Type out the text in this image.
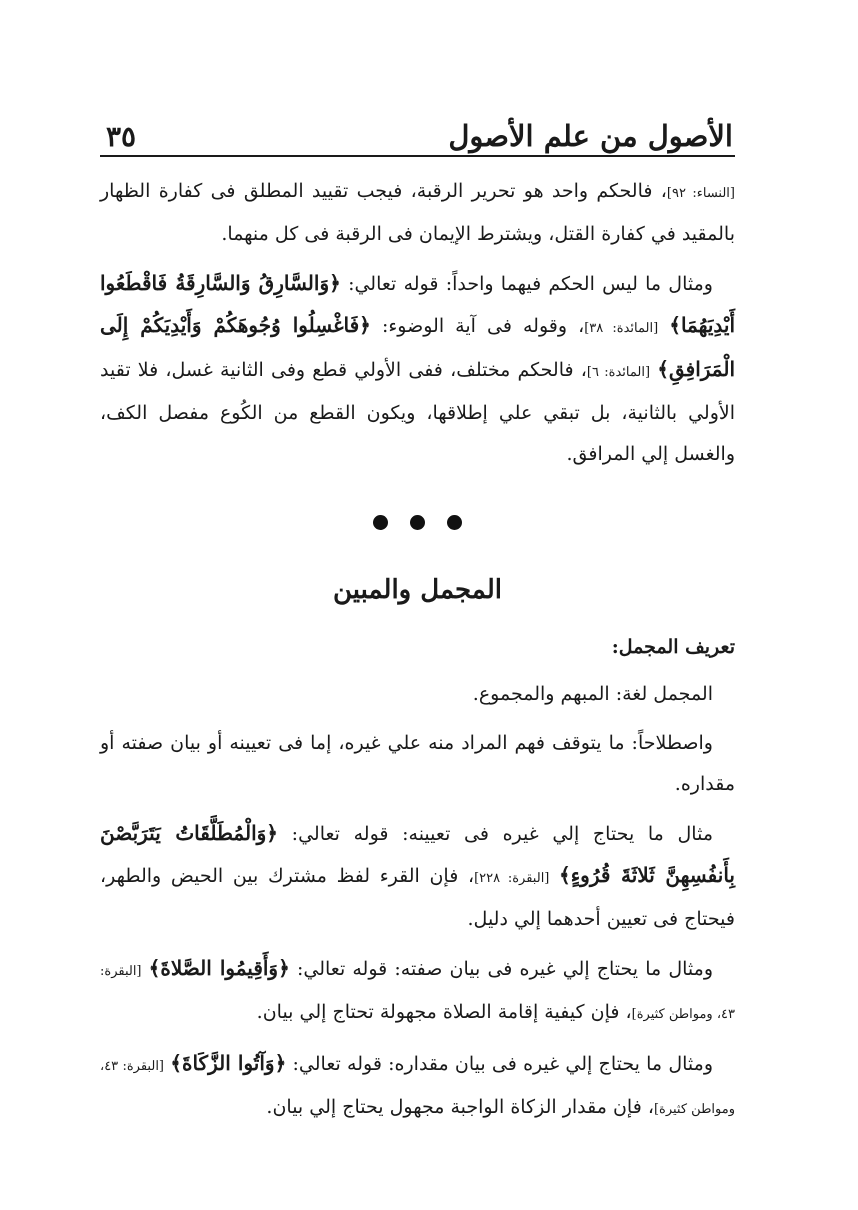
الأصول من علم الأصول
٣٥

[النساء: ٩٢]، فالحكم واحد هو تحرير الرقبة، فيجب تقييد المطلق فى كفارة الظهار بالمقيد في كفارة القتل، ويشترط الإيمان فى الرقبة فى كل منهما.

ومثال ما ليس الحكم فيهما واحداً: قوله تعالي: ﴿وَالسَّارِقُ وَالسَّارِقَةُ فَاقْطَعُوا أَيْدِيَهُمَا﴾ [المائدة: ٣٨]، وقوله فى آية الوضوء: ﴿فَاغْسِلُوا وُجُوهَكُمْ وَأَيْدِيَكُمْ إِلَى الْمَرَافِقِ﴾ [المائدة: ٦]، فالحكم مختلف، ففى الأولي قطع وفى الثانية غسل، فلا تقيد الأولي بالثانية، بل تبقي علي إطلاقها، ويكون القطع من الكُوع مفصل الكف، والغسل إلي المرافق.

المجمل والمبين
تعريف المجمل:

المجمل لغة: المبهم والمجموع.

واصطلاحاً: ما يتوقف فهم المراد منه علي غيره، إما فى تعيينه أو بيان صفته أو مقداره.

مثال ما يحتاج إلي غيره فى تعيينه: قوله تعالي: ﴿وَالْمُطَلَّقَاتُ يَتَرَبَّصْنَ بِأَنفُسِهِنَّ ثَلاثَةَ قُرُوءٍ﴾ [البقرة: ٢٢٨]، فإن القرء لفظ مشترك بين الحيض والطهر، فيحتاج فى تعيين أحدهما إلي دليل.

ومثال ما يحتاج إلي غيره فى بيان صفته: قوله تعالي: ﴿وَأَقِيمُوا الصَّلاةَ﴾ [البقرة: ٤٣، ومواطن كثيرة]، فإن كيفية إقامة الصلاة مجهولة تحتاج إلي بيان.

ومثال ما يحتاج إلي غيره فى بيان مقداره: قوله تعالي: ﴿وَآتُوا الزَّكَاةَ﴾ [البقرة: ٤٣، ومواطن كثيرة]، فإن مقدار الزكاة الواجبة مجهول يحتاج إلي بيان.
